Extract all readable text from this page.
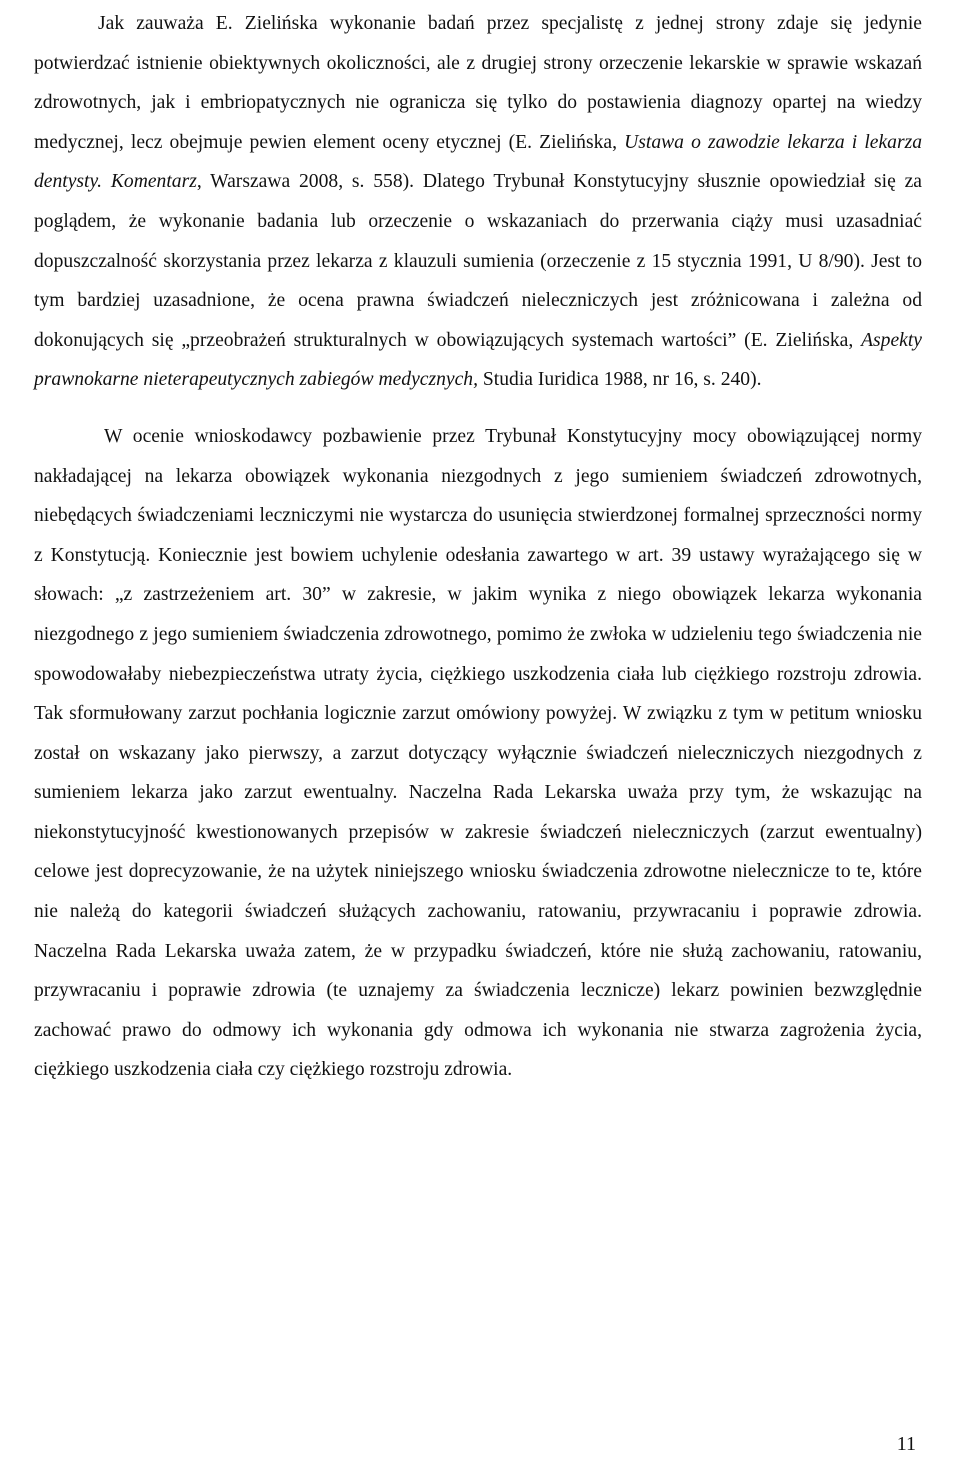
Jak zauważa E. Zielińska wykonanie badań przez specjalistę z jednej strony zdaje się jedynie potwierdzać istnienie obiektywnych okoliczności, ale z drugiej strony orzeczenie lekarskie w sprawie wskazań zdrowotnych, jak i embriopatycznych nie ogranicza się tylko do postawienia diagnozy opartej na wiedzy medycznej, lecz obejmuje pewien element oceny etycznej (E. Zielińska, Ustawa o zawodzie lekarza i lekarza dentysty. Komentarz, Warszawa 2008, s. 558). Dlatego Trybunał Konstytucyjny słusznie opowiedział się za poglądem, że wykonanie badania lub orzeczenie o wskazaniach do przerwania ciąży musi uzasadniać dopuszczalność skorzystania przez lekarza z klauzuli sumienia (orzeczenie z 15 stycznia 1991, U 8/90). Jest to tym bardziej uzasadnione, że ocena prawna świadczeń nieleczniczych jest zróżnicowana i zależna od dokonujących się „przeobrażeń strukturalnych w obowiązujących systemach wartości” (E. Zielińska, Aspekty prawnokarne nieterapeutycznych zabiegów medycznych, Studia Iuridica 1988, nr 16, s. 240).

W ocenie wnioskodawcy pozbawienie przez Trybunał Konstytucyjny mocy obowiązującej normy nakładającej na lekarza obowiązek wykonania niezgodnych z jego sumieniem świadczeń zdrowotnych, niebędących świadczeniami leczniczymi nie wystarcza do usunięcia stwierdzonej formalnej sprzeczności normy z Konstytucją. Koniecznie jest bowiem uchylenie odesłania zawartego w art. 39 ustawy wyrażającego się w słowach: „z zastrzeżeniem art. 30” w zakresie, w jakim wynika z niego obowiązek lekarza wykonania niezgodnego z jego sumieniem świadczenia zdrowotnego, pomimo że zwłoka w udzieleniu tego świadczenia nie spowodowałaby niebezpieczeństwa utraty życia, ciężkiego uszkodzenia ciała lub ciężkiego rozstroju zdrowia. Tak sformułowany zarzut pochłania logicznie zarzut omówiony powyżej. W związku z tym w petitum wniosku został on wskazany jako pierwszy, a zarzut dotyczący wyłącznie świadczeń nieleczniczych niezgodnych z sumieniem lekarza jako zarzut ewentualny. Naczelna Rada Lekarska uważa przy tym, że wskazując na niekonstytucyjność kwestionowanych przepisów w zakresie świadczeń nieleczniczych (zarzut ewentualny) celowe jest doprecyzowanie, że na użytek niniejszego wniosku świadczenia zdrowotne nielecznicze to te, które nie należą do kategorii świadczeń służących zachowaniu, ratowaniu, przywracaniu i poprawie zdrowia. Naczelna Rada Lekarska uważa zatem, że w przypadku świadczeń, które nie służą zachowaniu, ratowaniu, przywracaniu i poprawie zdrowia (te uznajemy za świadczenia lecznicze) lekarz powinien bezwzględnie zachować prawo do odmowy ich wykonania gdy odmowa ich wykonania nie stwarza zagrożenia życia, ciężkiego uszkodzenia ciała czy ciężkiego rozstroju zdrowia.

11
